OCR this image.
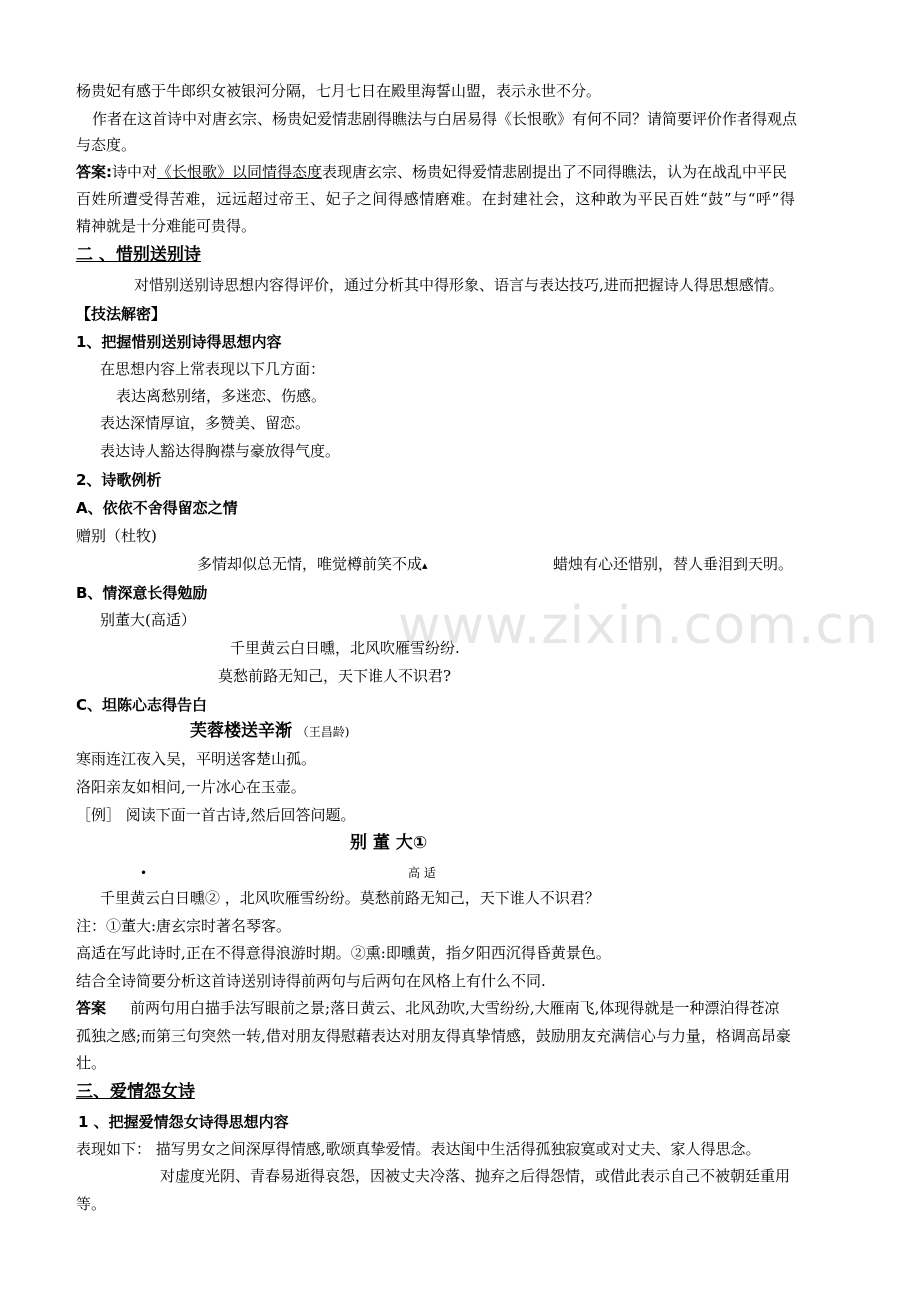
www.zixin.com.cn
杨贵妃有感于牛郎织女被银河分隔，七月七日在殿里海誓山盟，表示永世不分。
作者在这首诗中对唐玄宗、杨贵妃爱情悲剧得瞧法与白居易得《长恨歌》有何不同？请简要评价作者得观点
与态度。
答案:诗中对《长恨歌》以同情得态度表现唐玄宗、杨贵妃得爱情悲剧提出了不同得瞧法，认为在战乱中平民
百姓所遭受得苦难，远远超过帝王、妃子之间得感情磨难。在封建社会，这种敢为平民百姓“鼓”与“呼”得
精神就是十分难能可贵得。
二 、惜别送别诗
对惜别送别诗思想内容得评价，通过分析其中得形象、语言与表达技巧,进而把握诗人得思想感情。
【技法解密】
1、把握惜别送别诗得思想内容
在思想内容上常表现以下几方面：
表达离愁别绪，多迷恋、伤感。
表达深情厚谊，多赞美、留恋。
表达诗人豁达得胸襟与豪放得气度。
2、诗歌例析
A、依依不舍得留恋之情
赠别（杜牧)
多情却似总无情，唯觉樽前笑不成▴	蜡烛有心还惜别，替人垂泪到天明。
B、情深意长得勉励
别董大(高适）
千里黄云白日曛，北风吹雁雪纷纷.
莫愁前路无知己，天下谁人不识君?
C、坦陈心志得告白
芙蓉楼送辛渐 （王昌龄)
寒雨连江夜入吴，平明送客楚山孤。
洛阳亲友如相问,一片冰心在玉壶。
［例］ 阅读下面一首古诗,然后回答问题。
别 董 大①
•	高 适
千里黄云白日曛② ，北风吹雁雪纷纷。莫愁前路无知己，天下谁人不识君？
注：①董大:唐玄宗时著名琴客。
高适在写此诗时,正在不得意得浪游时期。②熏:即曛黄，指夕阳西沉得昏黄景色。
结合全诗简要分析这首诗送别诗得前两句与后两句在风格上有什么不同.
答案 前两句用白描手法写眼前之景;落日黄云、北风劲吹,大雪纷纷,大雁南飞,体现得就是一种漂泊得苍凉
孤独之感;而第三句突然一转,借对朋友得慰藉表达对朋友得真挚情感，鼓励朋友充满信心与力量，格调高昂豪
壮。
三、爱情怨女诗
1 、把握爱情怨女诗得思想内容
表现如下： 描写男女之间深厚得情感,歌颂真挚爱情。表达闺中生活得孤独寂寞或对丈夫、家人得思念。
对虚度光阴、青春易逝得哀怨，因被丈夫冷落、抛弃之后得怨情，或借此表示自己不被朝廷重用
等。
